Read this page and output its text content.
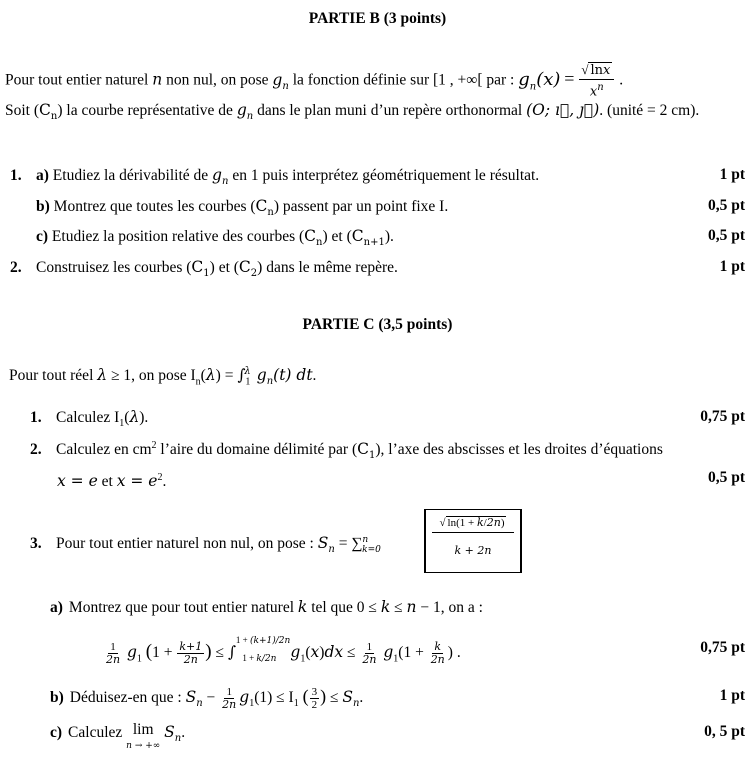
PARTIE B (3 points)
Pour tout entier naturel n non nul, on pose $g_n$ la fonction définie sur [1 , +∞[ par : $g_n(x) = \frac{√ \ln x}{x^n}$ .
Soit $(C_n)$ la courbe représentative de $g_n$ dans le plan muni d’un repère orthonormal (O; ı⃗, ȷ⃗). (unité = 2 cm).
1. a) Etudiez la dérivabilité de $g_n$ en 1 puis interprétez géométriquement le résultat.	1 pt
b) Montrez que toutes les courbes $(C_n)$ passent par un point fixe I.	0,5 pt
c) Etudiez la position relative des courbes $(C_n)$ et $(C_{n+1})$.	0,5 pt
2. Construisez les courbes $(C_1)$ et $(C_2)$ dans le même repère.	1 pt
PARTIE C (3,5 points)
Pour tout réel λ ≥ 1, on pose $I_n(\lambda) = \int_1^\lambda$ $g_n(t)$ dt.
1. Calculez $I_1(\lambda)$.	0,75 pt
2. Calculez en $cm^2$ l’aire du domaine délimité par $(C_1)$, l’axe des abscisses et les droites d’équations
x = e et $x = e^2$.	0,5 pt
3. Pour tout entier naturel non nul, on pose : $S_n = \sum^n_{k=0}$	$\frac{√ \ln(1 + k/2n)}{k + 2n}$
a) Montrez que pour tout entier naturel k tel que 0 ≤ k ≤ n − 1, on a :
$\frac{1}{2n} g_1$ ($1 + \frac{k+1}{2n}$ ) ≤ ∫$^{1 + (k+1)/2n}_{1 + k/2n}$ $g_1(x)dx \le \frac{1}{2n} g_1(1 + \frac{k}{2n}$ ) .	0,75 pt
b) Déduisez-en que : $S_n - \frac{1}{2n} g_1(1) \le I_1$ ( $\frac{3}{2}$ ) ≤ $S_n$.	1 pt
c) Calculez lim
n → +∞
$S_n$.	0, 5 pt
